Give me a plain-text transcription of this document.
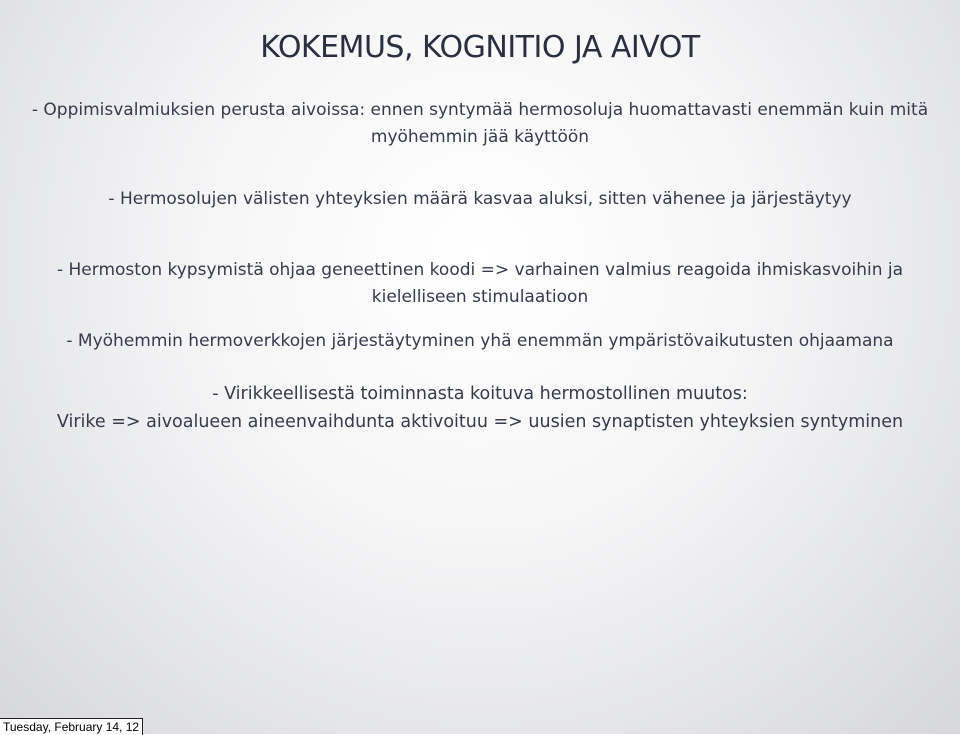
KOKEMUS, KOGNITIO JA AIVOT
- Oppimisvalmiuksien perusta aivoissa: ennen syntymää hermosoluja huomattavasti enemmän kuin mitä
myöhemmin jää käyttöön
- Hermosolujen välisten yhteyksien määrä kasvaa aluksi, sitten vähenee ja järjestäytyy
- Hermoston kypsymistä ohjaa geneettinen koodi => varhainen valmius reagoida ihmiskasvoihin ja
kielelliseen stimulaatioon
- Myöhemmin hermoverkkojen järjestäytyminen yhä enemmän ympäristövaikutusten ohjaamana
- Virikkeellisestä toiminnasta koituva hermostollinen muutos:
Virike => aivoalueen aineenvaihdunta aktivoituu => uusien synaptisten yhteyksien syntyminen
Tuesday, February 14, 12
